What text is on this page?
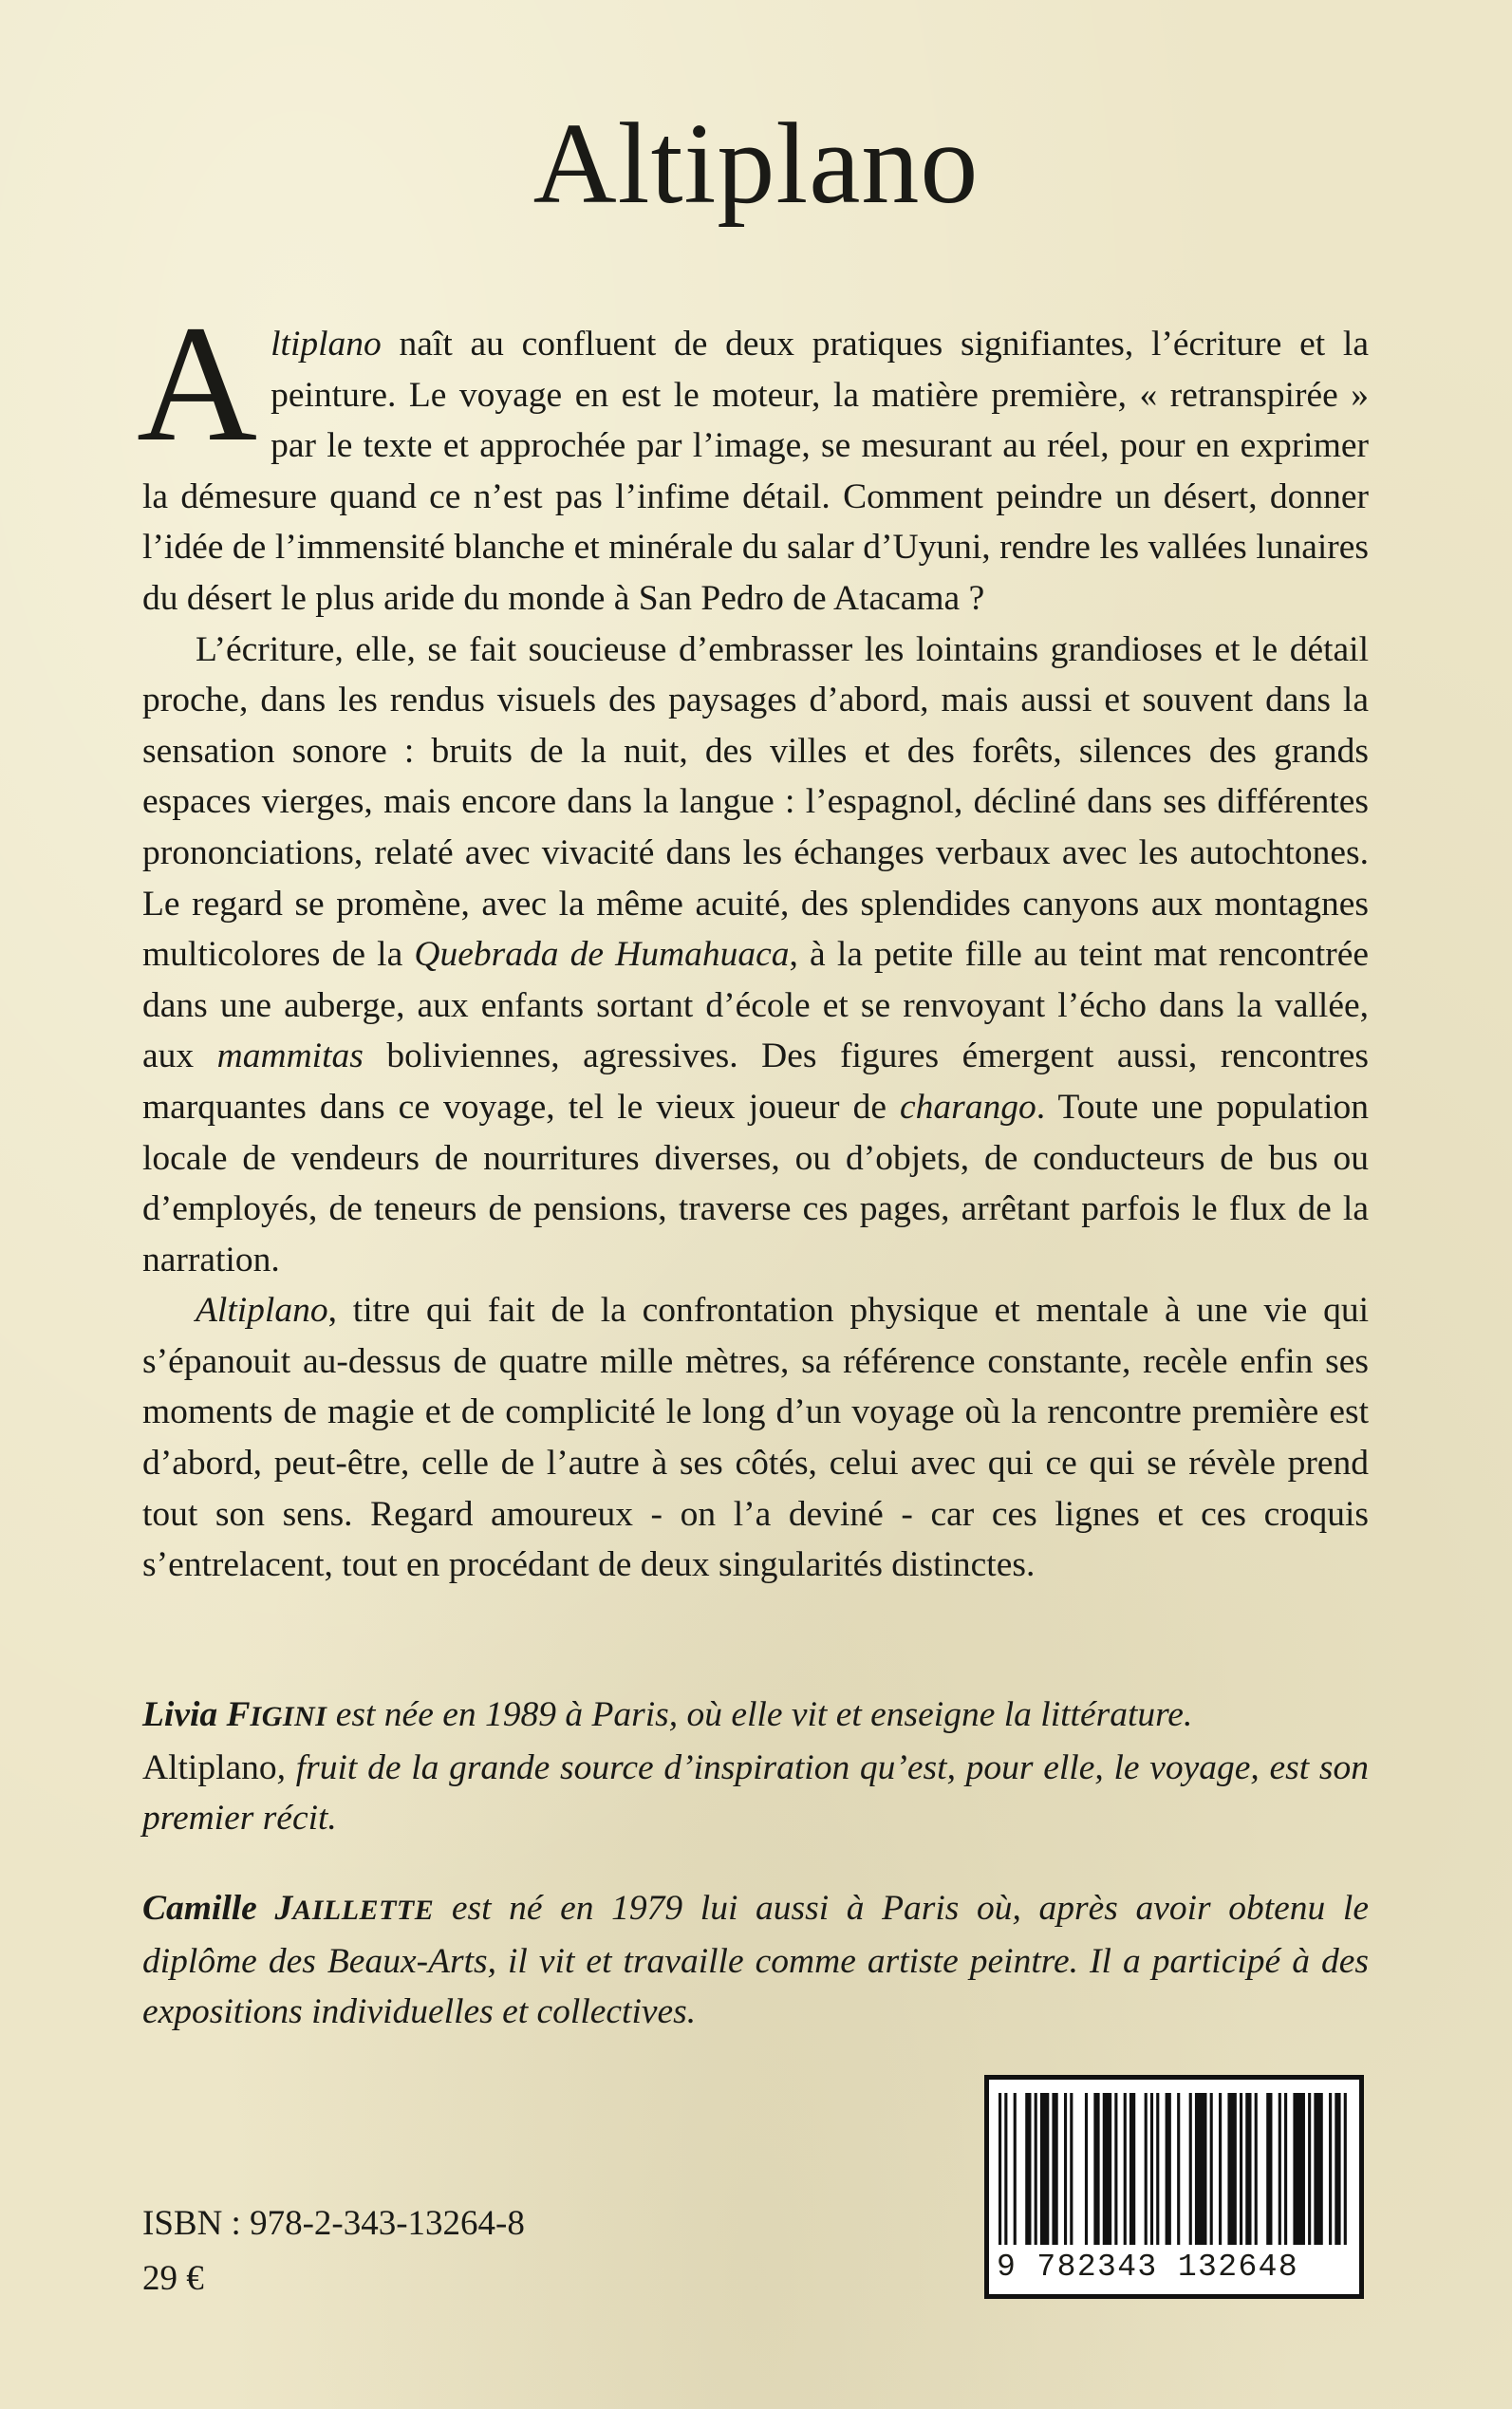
Altiplano

Altiplano naît au confluent de deux pratiques signifiantes, l’écriture et la peinture. Le voyage en est le moteur, la matière première, « retranspirée » par le texte et approchée par l’image, se mesurant au réel, pour en exprimer la démesure quand ce n’est pas l’infime détail. Comment peindre un désert, donner l’idée de l’immensité blanche et minérale du salar d’Uyuni, rendre les vallées lunaires du désert le plus aride du monde à San Pedro de Atacama ?

L’écriture, elle, se fait soucieuse d’embrasser les lointains grandioses et le détail proche, dans les rendus visuels des paysages d’abord, mais aussi et souvent dans la sensation sonore : bruits de la nuit, des villes et des forêts, silences des grands espaces vierges, mais encore dans la langue : l’espagnol, décliné dans ses différentes prononciations, relaté avec vivacité dans les échanges verbaux avec les autochtones. Le regard se promène, avec la même acuité, des splendides canyons aux montagnes multicolores de la Quebrada de Humahuaca, à la petite fille au teint mat rencontrée dans une auberge, aux enfants sortant d’école et se renvoyant l’écho dans la vallée, aux mammitas boliviennes, agressives. Des figures émergent aussi, rencontres marquantes dans ce voyage, tel le vieux joueur de charango. Toute une population locale de vendeurs de nourritures diverses, ou d’objets, de conducteurs de bus ou d’employés, de teneurs de pensions, traverse ces pages, arrêtant parfois le flux de la narration.

Altiplano, titre qui fait de la confrontation physique et mentale à une vie qui s’épanouit au-dessus de quatre mille mètres, sa référence constante, recèle enfin ses moments de magie et de complicité le long d’un voyage où la rencontre première est d’abord, peut-être, celle de l’autre à ses côtés, celui avec qui ce qui se révèle prend tout son sens. Regard amoureux - on l’a deviné - car ces lignes et ces croquis s’entrelacent, tout en procédant de deux singularités distinctes.

Livia FIGINI est née en 1989 à Paris, où elle vit et enseigne la littérature.
Altiplano, fruit de la grande source d’inspiration qu’est, pour elle, le voyage, est son premier récit.
Camille JAILLETTE est né en 1979 lui aussi à Paris où, après avoir obtenu le diplôme des Beaux-Arts, il vit et travaille comme artiste peintre. Il a participé à des expositions individuelles et collectives.
ISBN : 978-2-343-13264-8
29 €	9 782343 132648
